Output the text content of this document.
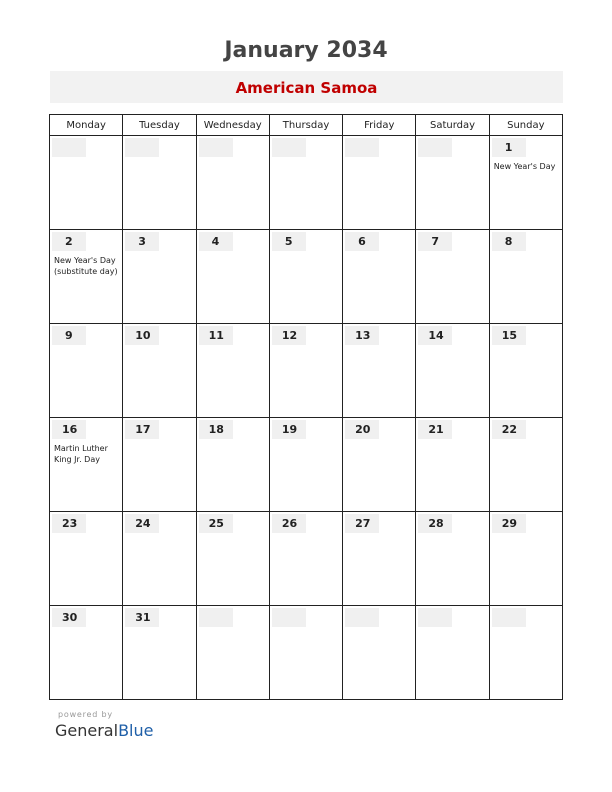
January 2034
American Samoa
Monday	Tuesday	Wednesday	Thursday	Friday	Saturday	Sunday

						1
New Year's Day

2
New Year's Day (substitute day)	3	4	5	6	7	8

9	10	11	12	13	14	15

16
Martin Luther King Jr. Day	17	18	19	20	21	22

23	24	25	26	27	28	29

30	31					

powered by
GeneralBlue
